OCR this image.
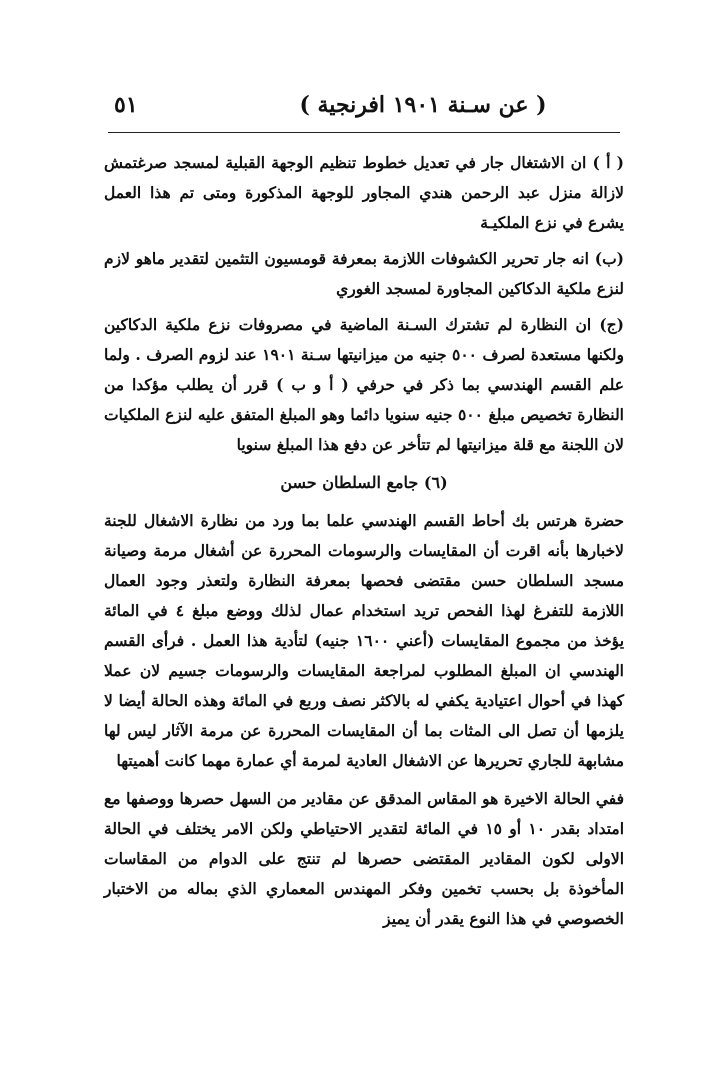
( عن سـنة ١٩٠١ افرنجية )
٥١

( أ ) ان الاشتغال جار في تعديل خطوط تنظيم الوجهة القبلية لمسجد صرغتمش لازالة منزل عبد الرحمن هندي المجاور للوجهة المذكورة ومتى تم هذا العمل يشرع في نزع الملكيـة

(ب) انه جار تحرير الكشوفات اللازمة بمعرفة قومسيون التثمين لتقدير ماهو لازم لنزع ملكية الدكاكين المجاورة لمسجد الغوري

(ج) ان النظارة لم تشترك السـنة الماضية في مصروفات نزع ملكية الدكاكين ولكنها مستعدة لصرف ٥٠٠ جنيه من ميزانيتها سـنة ١٩٠١ عند لزوم الصرف . ولما علم القسم الهندسي بما ذكر في حرفي ( أ و ب ) قرر أن يطلب مؤكدا من النظارة تخصيص مبلغ ٥٠٠ جنيه سنويا دائما وهو المبلغ المتفق عليه لنزع الملكيات لان اللجنة مع قلة ميزانيتها لم تتأخر عن دفع هذا المبلغ سنويا

(٦) جامع السلطان حسن

حضرة هرتس بك أحاط القسم الهندسي علما بما ورد من نظارة الاشغال للجنة لاخبارها بأنه اقرت أن المقايسات والرسومات المحررة عن أشغال مرمة وصيانة مسجد السلطان حسن مقتضى فحصها بمعرفة النظارة ولتعذر وجود العمال اللازمة للتفرغ لهذا الفحص تريد استخدام عمال لذلك ووضع مبلغ ٤ في المائة يؤخذ من مجموع المقايسات (أعني ١٦٠٠ جنيه) لتأدية هذا العمل . فرأى القسم الهندسي ان المبلغ المطلوب لمراجعة المقايسات والرسومات جسيم لان عملا كهذا في أحوال اعتيادية يكفي له بالاكثر نصف وربع في المائة وهذه الحالة أيضا لا يلزمها أن تصل الى المثات بما أن المقايسات المحررة عن مرمة الآثار ليس لها مشابهة للجاري تحريرها عن الاشغال العادية لمرمة أي عمارة مهما كانت أهميتها

ففي الحالة الاخيرة هو المقاس المدقق عن مقادير من السهل حصرها ووصفها مع امتداد بقدر ١٠ أو ١٥ في المائة لتقدير الاحتياطي ولكن الامر يختلف في الحالة الاولى لكون المقادير المقتضى حصرها لم تنتج على الدوام من المقاسات المأخوذة بل بحسب تخمين وفكر المهندس المعماري الذي بماله من الاختبار الخصوصي في هذا النوع يقدر أن يميز
